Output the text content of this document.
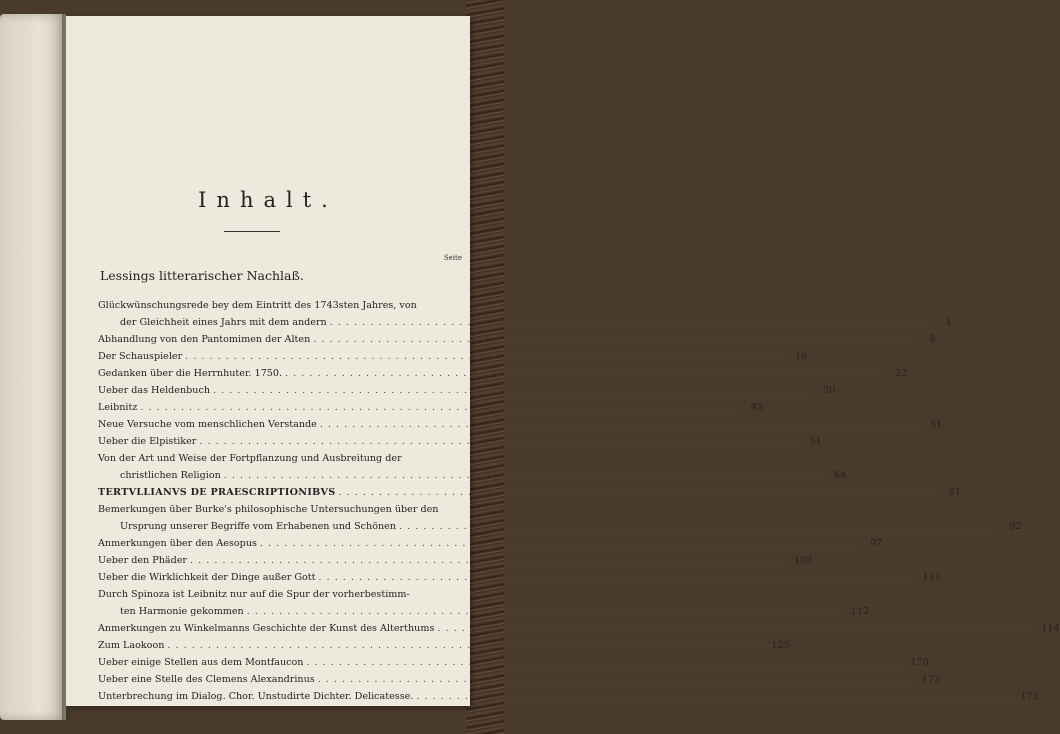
Inhalt.
Seite
Lessings litterarischer Nachlaß.
Glückwünschungsrede bey dem Eintritt des 1743sten Jahres, von
der Gleichheit eines Jahrs mit dem andern . . .	1
Abhandlung von den Pantomimen der Alten . . .	8
Der Schauspieler . . .	16
Gedanken über die Herrnhuter. 1750. . . .	22
Ueber das Heldenbuch . . .	30
Leibnitz . . .	43
Neue Versuche vom menschlichen Verstande . . .	51
Ueber die Elpistiker . . .	51
Von der Art und Weise der Fortpflanzung und Ausbreitung der
christlichen Religion . . .	64
TERTVLLIANVS DE PRAESCRIPTIONIBVS . . .	81
Bemerkungen über Burke's philosophische Untersuchungen über den
Ursprung unserer Begriffe vom Erhabenen und Schönen . . .	92
Anmerkungen über den Aesopus . . .	97
Ueber den Phäder . . .	103
Ueber die Wirklichkeit der Dinge außer Gott . . .	111
Durch Spinoza ist Leibnitz nur auf die Spur der vorherbestimm-
ten Harmonie gekommen . . .	112
Anmerkungen zu Winkelmanns Geschichte der Kunst des Alterthums . . .	114
Zum Laokoon . . .	125
Ueber einige Stellen aus dem Montfaucon . . .	170
Ueber eine Stelle des Clemens Alexandrinus . . .	172
Unterbrechung im Dialog. Chor. Unstudirte Dichter. Delicatesse. . . .	173
